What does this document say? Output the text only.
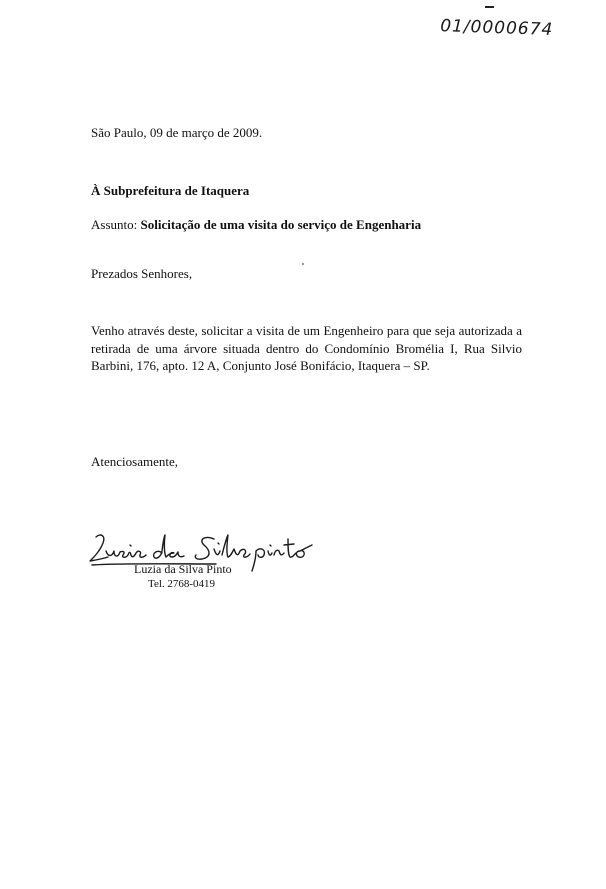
01/0000674
São Paulo, 09 de março de 2009.
À Subprefeitura de Itaquera
Assunto: Solicitação de uma visita do serviço de Engenharia
Prezados Senhores,
Venho através deste, solicitar a visita de um Engenheiro para que seja autorizada a retirada de uma árvore situada dentro do Condomínio Bromélia I, Rua Silvio Barbini, 176, apto. 12 A, Conjunto José Bonifácio, Itaquera – SP.
Atenciosamente,
Luzia da Silva Pinto
Tel. 2768-0419
